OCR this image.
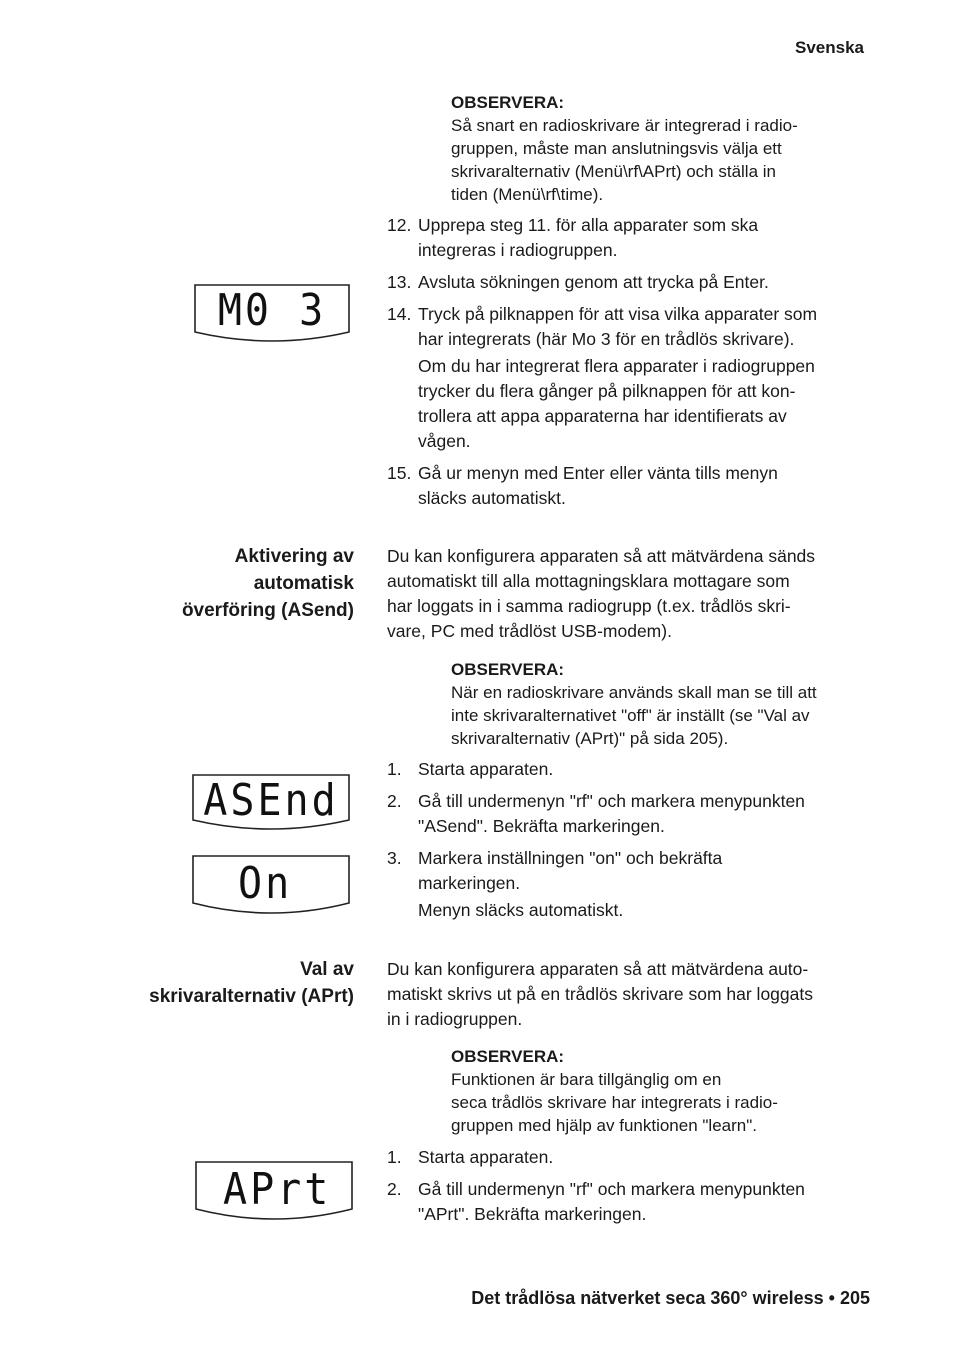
Svenska
OBSERVERA:
Så snart en radioskrivare är integrerad i radio-
gruppen, måste man anslutningsvis välja ett
skrivaralternativ (Menü\rf\APrt) och ställa in
tiden (Menü\rf\time).
12. Upprepa steg 11. för alla apparater som ska
integreras i radiogruppen.
13. Avsluta sökningen genom att trycka på Enter.
14. Tryck på pilknappen för att visa vilka apparater som
har integrerats (här Mo 3 för en trådlös skrivare).
Om du har integrerat flera apparater i radiogruppen
trycker du flera gånger på pilknappen för att kon-
trollera att appa apparaterna har identifierats av
vågen.
15. Gå ur menyn med Enter eller vänta tills menyn
släcks automatiskt.
M0 3
Aktivering av
automatisk
överföring (ASend)
Du kan konfigurera apparaten så att mätvärdena sänds
automatiskt till alla mottagningsklara mottagare som
har loggats in i samma radiogrupp (t.ex. trådlös skri-
vare, PC med trådlöst USB-modem).
OBSERVERA:
När en radioskrivare används skall man se till att
inte skrivaralternativet "off" är inställt (se "Val av
skrivaralternativ (APrt)" på sida 205).
1. Starta apparaten.
2. Gå till undermenyn "rf" och markera menypunkten
"ASend". Bekräfta markeringen.
3. Markera inställningen "on" och bekräfta
markeringen.
Menyn släcks automatiskt.
ASEnd
On
Val av
skrivaralternativ (APrt)
Du kan konfigurera apparaten så att mätvärdena auto-
matiskt skrivs ut på en trådlös skrivare som har loggats
in i radiogruppen.
OBSERVERA:
Funktionen är bara tillgänglig om en
seca trådlös skrivare har integrerats i radio-
gruppen med hjälp av funktionen "learn".
1. Starta apparaten.
2. Gå till undermenyn "rf" och markera menypunkten
"APrt". Bekräfta markeringen.
APrt
Det trådlösa nätverket seca 360° wireless • 205
